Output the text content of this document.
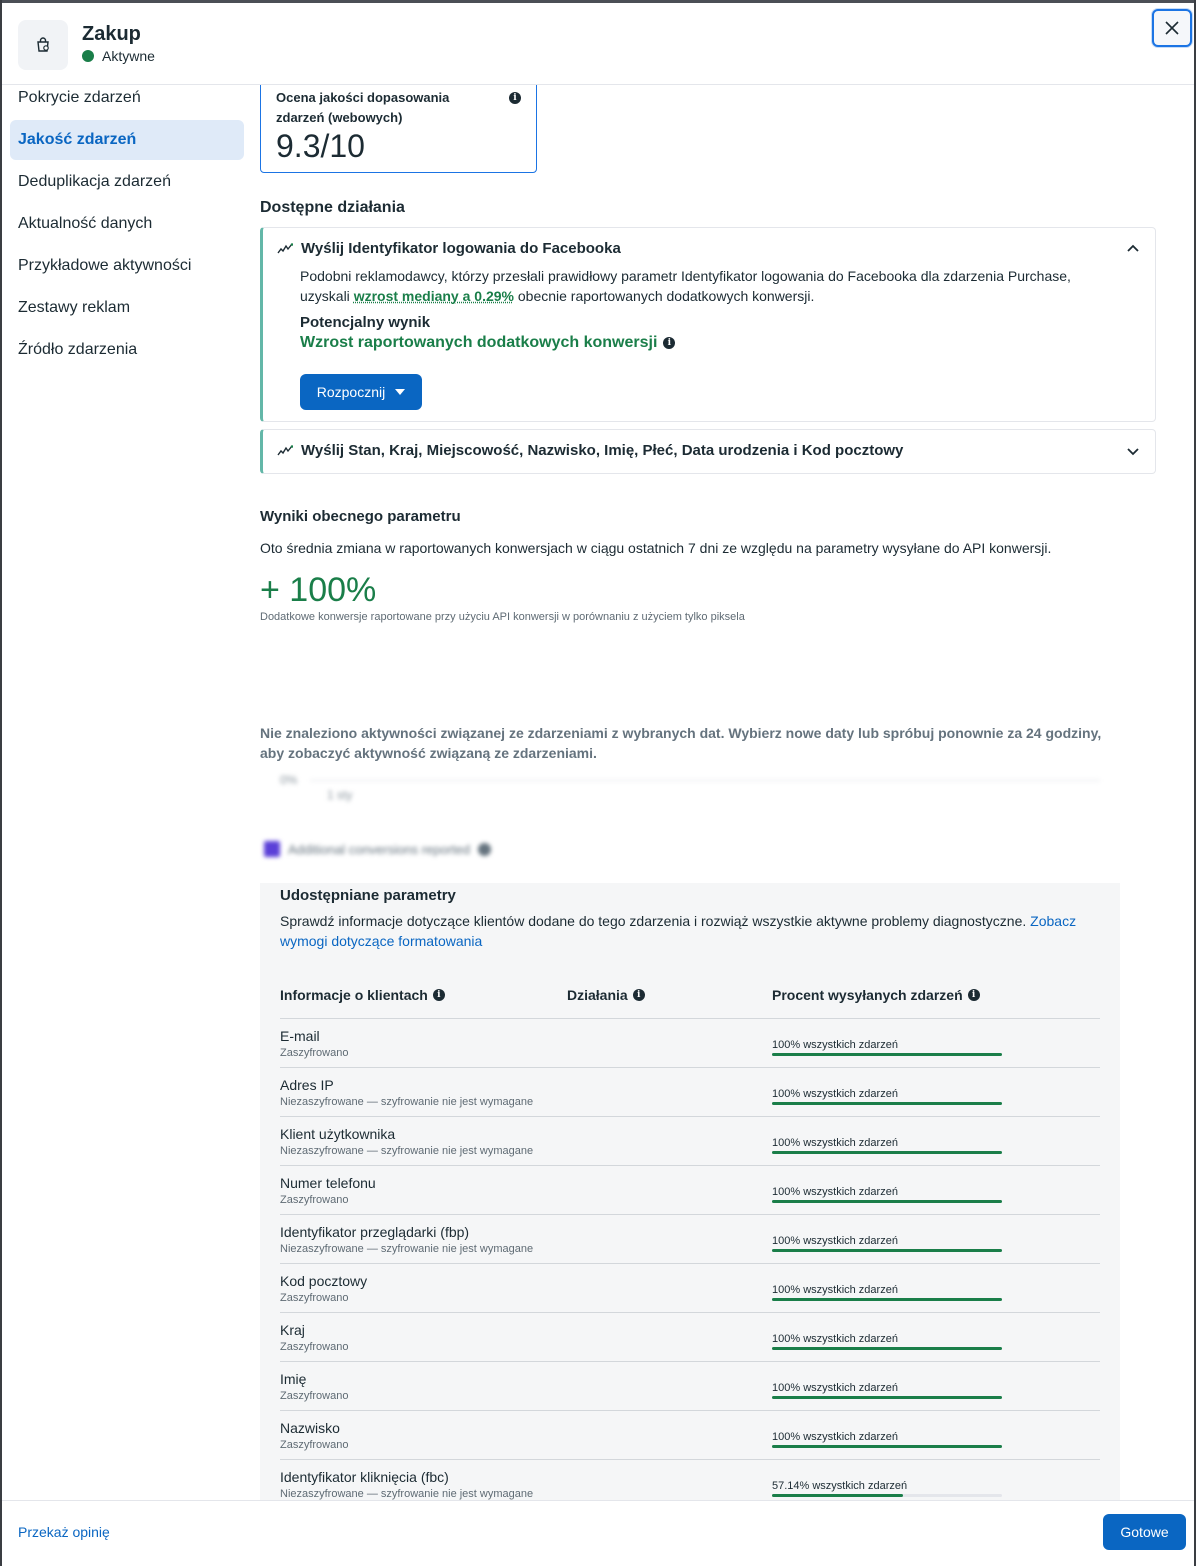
Zakup
Aktywne
Pokrycie zdarzeń
Jakość zdarzeń
Deduplikacja zdarzeń
Aktualność danych
Przykładowe aktywności
Zestawy reklam
Źródło zdarzenia
Ocena jakości dopasowania zdarzeń (webowych)
i
9.3/10
Dostępne działania
Wyślij Identyfikator logowania do Facebooka
Podobni reklamodawcy, którzy przesłali prawidłowy parametr Identyfikator logowania do Facebooka dla zdarzenia Purchase, uzyskali wzrost mediany a 0.29% obecnie raportowanych dodatkowych konwersji.
Potencjalny wynik
Wzrost raportowanych dodatkowych konwersji	i
Rozpocznij
Wyślij Stan, Kraj, Miejscowość, Nazwisko, Imię, Płeć, Data urodzenia i Kod pocztowy
Wyniki obecnego parametru
Oto średnia zmiana w raportowanych konwersjach w ciągu ostatnich 7 dni ze względu na parametry wysyłane do API konwersji.
+ 100%
Dodatkowe konwersje raportowane przy użyciu API konwersji w porównaniu z użyciem tylko piksela
Nie znaleziono aktywności związanej ze zdarzeniami z wybranych dat. Wybierz nowe daty lub spróbuj ponownie za 24 godziny, aby zobaczyć aktywność związaną ze zdarzeniami.
0%
1 sty
Additional conversions reported
Udostępniane parametry
Sprawdź informacje dotyczące klientów dodane do tego zdarzenia i rozwiąż wszystkie aktywne problemy diagnostyczne. Zobacz wymogi dotyczące formatowania
Informacje o klientach	i	Działania	i	Procent wysyłanych zdarzeń	i
E-mail
Zaszyfrowano
100% wszystkich zdarzeń
Adres IP
Niezaszyfrowane — szyfrowanie nie jest wymagane
100% wszystkich zdarzeń
Klient użytkownika
Niezaszyfrowane — szyfrowanie nie jest wymagane
100% wszystkich zdarzeń
Numer telefonu
Zaszyfrowano
100% wszystkich zdarzeń
Identyfikator przeglądarki (fbp)
Niezaszyfrowane — szyfrowanie nie jest wymagane
100% wszystkich zdarzeń
Kod pocztowy
Zaszyfrowano
100% wszystkich zdarzeń
Kraj
Zaszyfrowano
100% wszystkich zdarzeń
Imię
Zaszyfrowano
100% wszystkich zdarzeń
Nazwisko
Zaszyfrowano
100% wszystkich zdarzeń
Identyfikator kliknięcia (fbc)
Niezaszyfrowane — szyfrowanie nie jest wymagane
57.14% wszystkich zdarzeń
Przekaż opinię	Gotowe
